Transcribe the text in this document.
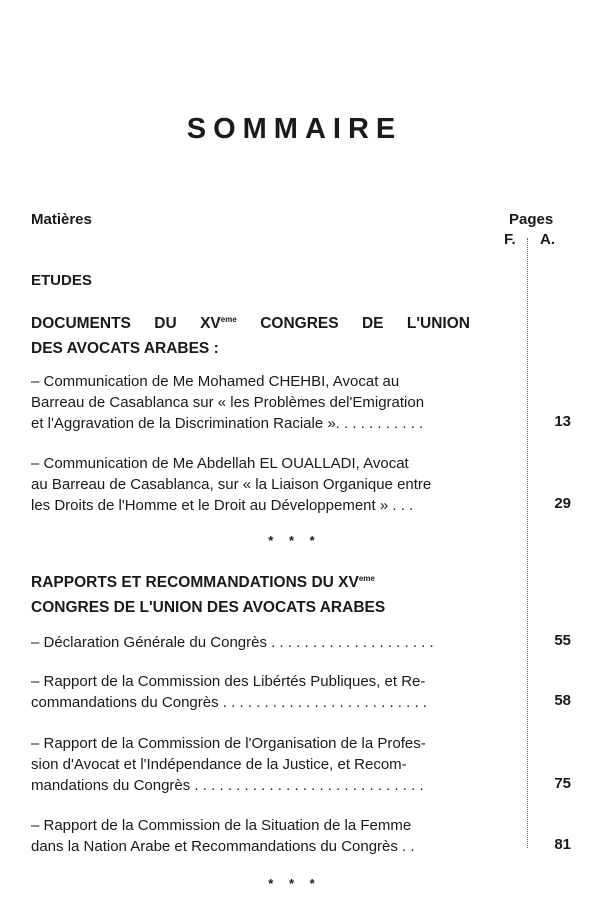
SOMMAIRE
Matières	Pages
F. A.
ETUDES
DOCUMENTS DU XVeme CONGRES DE L'UNION
DES AVOCATS ARABES :
– Communication de Me Mohamed CHEHBI, Avocat au
Barreau de Casablanca sur « les Problèmes del'Emigration
et l'Aggravation de la Discrimination Raciale ». . . . . . . . . . .	13
– Communication de Me Abdellah EL OUALLADI, Avocat
au Barreau de Casablanca, sur « la Liaison Organique entre
les Droits de l'Homme et le Droit au Développement » . . .	29
* * *
RAPPORTS ET RECOMMANDATIONS DU XVeme
CONGRES DE L'UNION DES AVOCATS ARABES
– Déclaration Générale du Congrès . . . . . . . . . . . . . . . . . . . .	55
– Rapport de la Commission des Libértés Publiques, et Re-
commandations du Congrès . . . . . . . . . . . . . . . . . . . . . . . . .	58
– Rapport de la Commission de l'Organisation de la Profes-
sion d'Avocat et l'Indépendance de la Justice, et Recom-
mandations du Congrès . . . . . . . . . . . . . . . . . . . . . . . . . . . .	75
– Rapport de la Commission de la Situation de la Femme
dans la Nation Arabe et Recommandations du Congrès . .	81
* * *
